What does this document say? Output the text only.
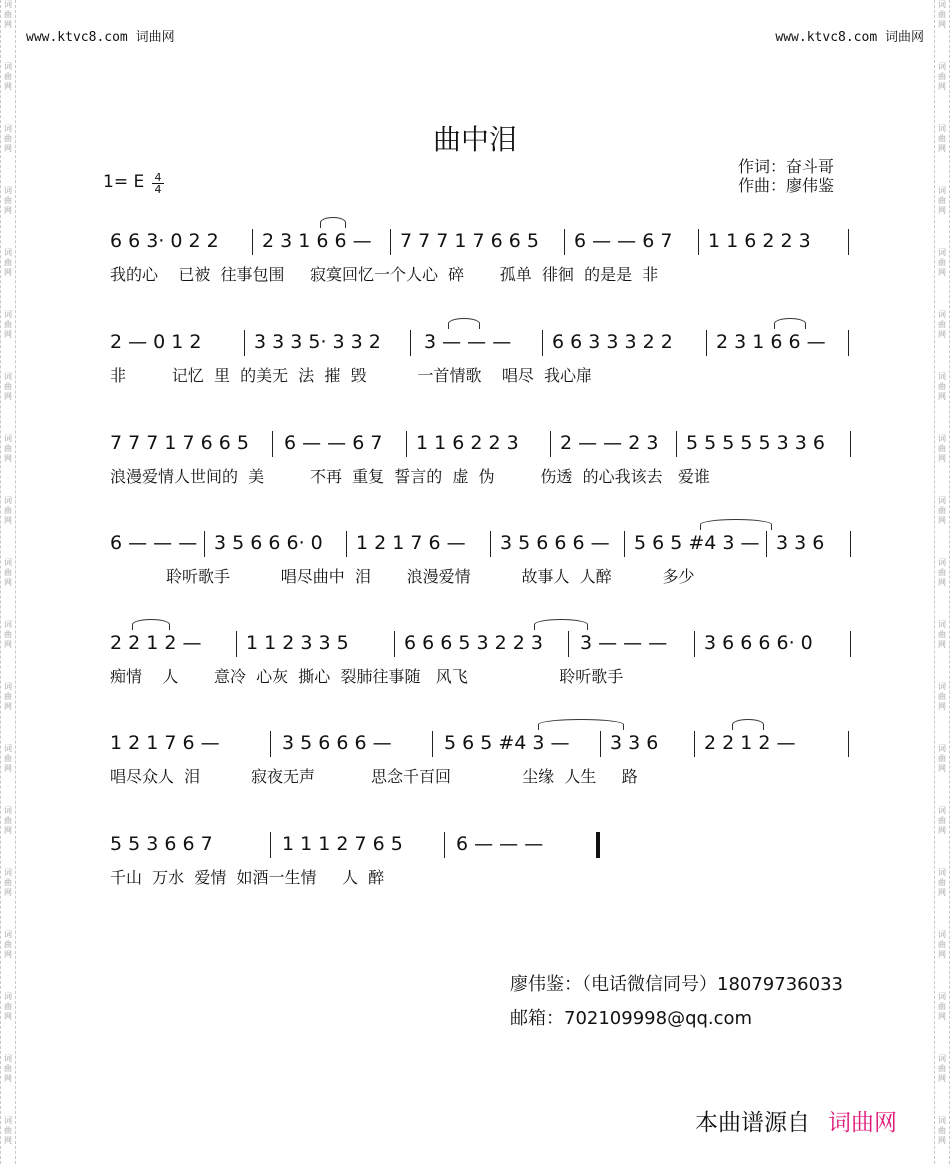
词
曲
网
词
曲
网
词
曲
网
词
曲
网
词
曲
网
词
曲
网
词
曲
网
词
曲
网
词
曲
网
词
曲
网
词
曲
网
词
曲
网
词
曲
网
词
曲
网
词
曲
网
词
曲
网
词
曲
网
词
曲
网
词
曲
网
词
曲
网
词
曲
网
词
曲
网
词
曲
网
词
曲
网
词
曲
网
词
曲
网
词
曲
网
词
曲
网
词
曲
网
词
曲
网
词
曲
网
词
曲
网
词
曲
网
词
曲
网
词
曲
网
词
曲
网
词
曲
网
词
曲
网
www.ktvc8.com 词曲网	www.ktvc8.com 词曲网
曲中泪
1= E 4
4
作词：奋斗哥
作曲：廖伟鉴
6 6 3· 0 2 2 2 3 1 6 6 — 7 7 7 1 7 6 6 5 6 — — 6 7 1 1 6 2 2 3
我的心    已被  往事包围     寂寞回忆一个人心  碎       孤单  徘徊  的是是  非
2 — 0 1 2	3 3 3 5· 3 3 2 3 — — — 6 6 3 3 3 2 2 2 3 1 6 6 —
非         记忆  里  的美无  法  摧  毁          一首情歌    唱尽  我心扉
7 7 7 1 7 6 6 5 6 — — 6 7 1 1 6 2 2 3 2 — — 2 3 5 5 5 5 5 3 3 6
浪漫爱情人世间的  美         不再  重复  誓言的  虚  伪         伤透  的心我该去   爱谁
6 — — — 3 5 6 6 6· 0 1 2 1 7 6 — 3 5 6 6 6 — 5 6 5 #4 3 — 3 3 6
聆听歌手          唱尽曲中  泪       浪漫爱情          故事人  人醉          多少
2 2 1 2 — 1 1 2 3 3 5	6 6 6 5 3 2 2 3 3 — — — 3 6 6 6 6· 0
痴情    人       意冷  心灰  撕心  裂肺往事随   风飞                  聆听歌手
1 2 1 7 6 —	3 5 6 6 6 —	5 6 5 #4 3 — 3 3 6 2 2 1 2 —
唱尽众人  泪          寂夜无声           思念千百回              尘缘  人生     路
5 5 3 6 6 7	1 1 1 2 7 6 5	6 — — —
千山  万水  爱情  如酒一生情     人  醉
廖伟鉴：（电话微信同号）18079736033
邮箱：702109998@qq.com
本曲谱源自 词曲网
